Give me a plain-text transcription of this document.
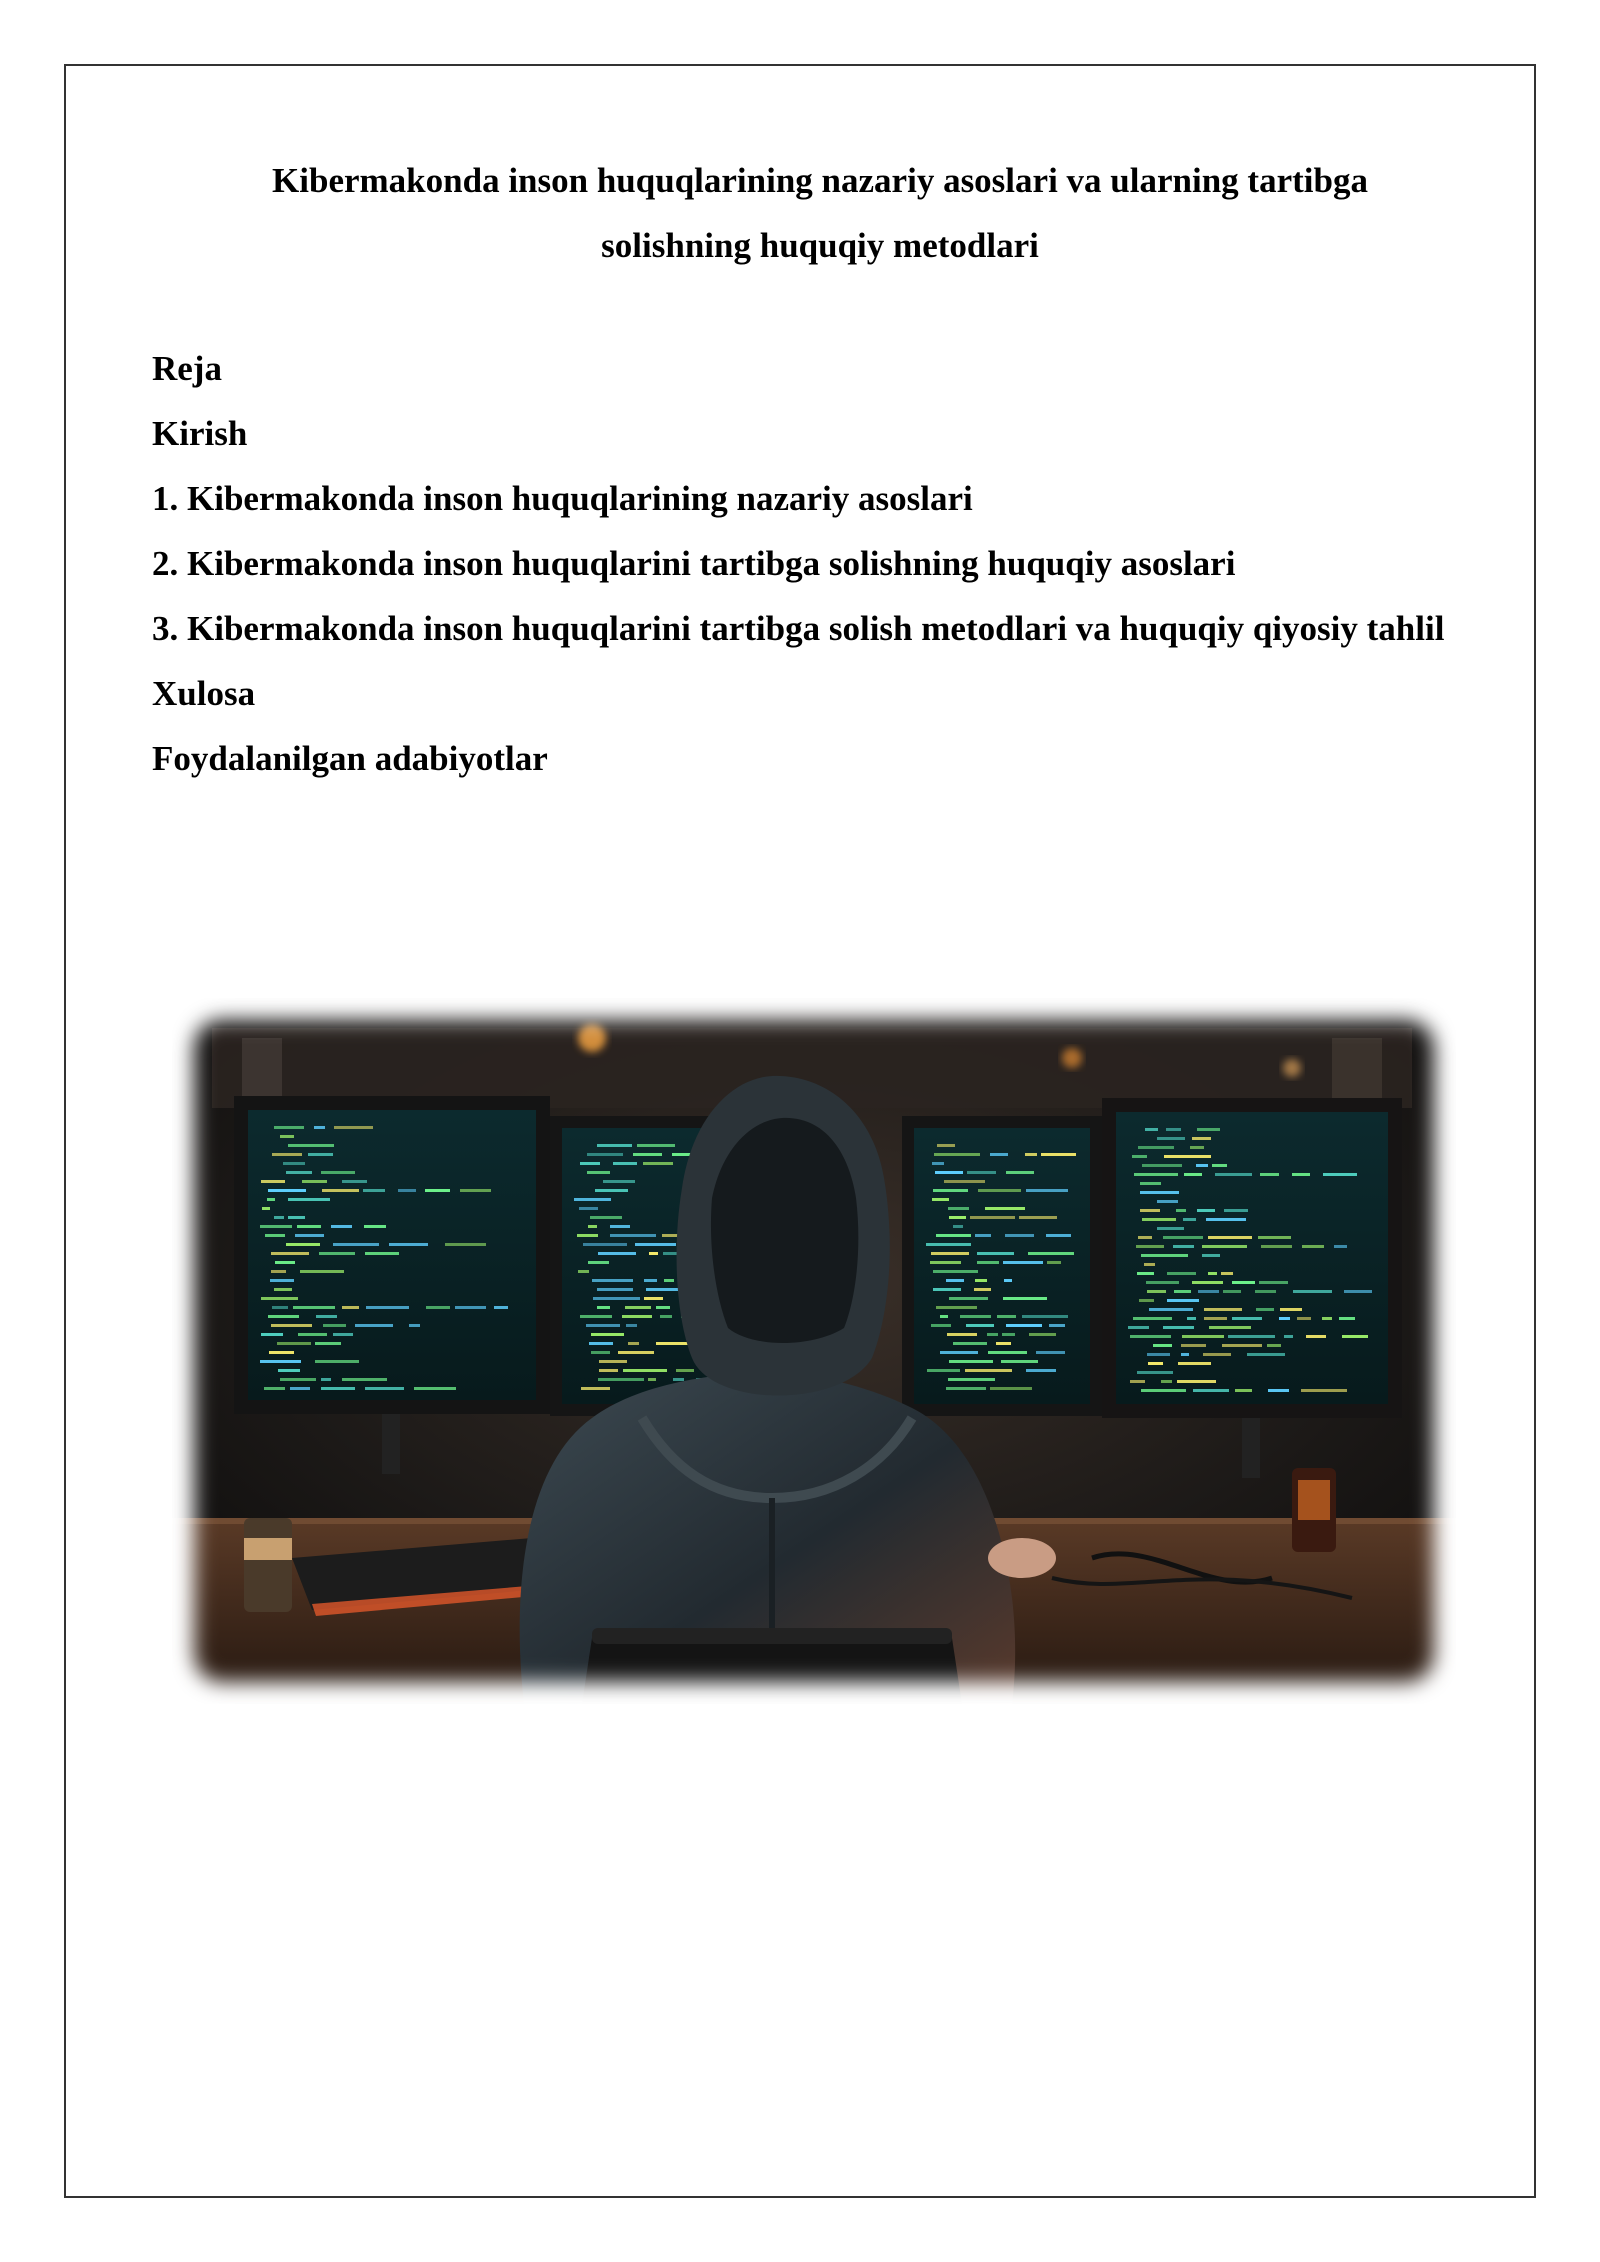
Kibermakonda inson huquqlarining nazariy asoslari va ularning tartibga solishning huquqiy metodlari
Reja
Kirish
1. Kibermakonda inson huquqlarining nazariy asoslari
2. Kibermakonda inson huquqlarini tartibga solishning huquqiy asoslari
3. Kibermakonda inson huquqlarini tartibga solish metodlari va huquqiy qiyosiy tahlil
Xulosa
Foydalanilgan adabiyotlar
